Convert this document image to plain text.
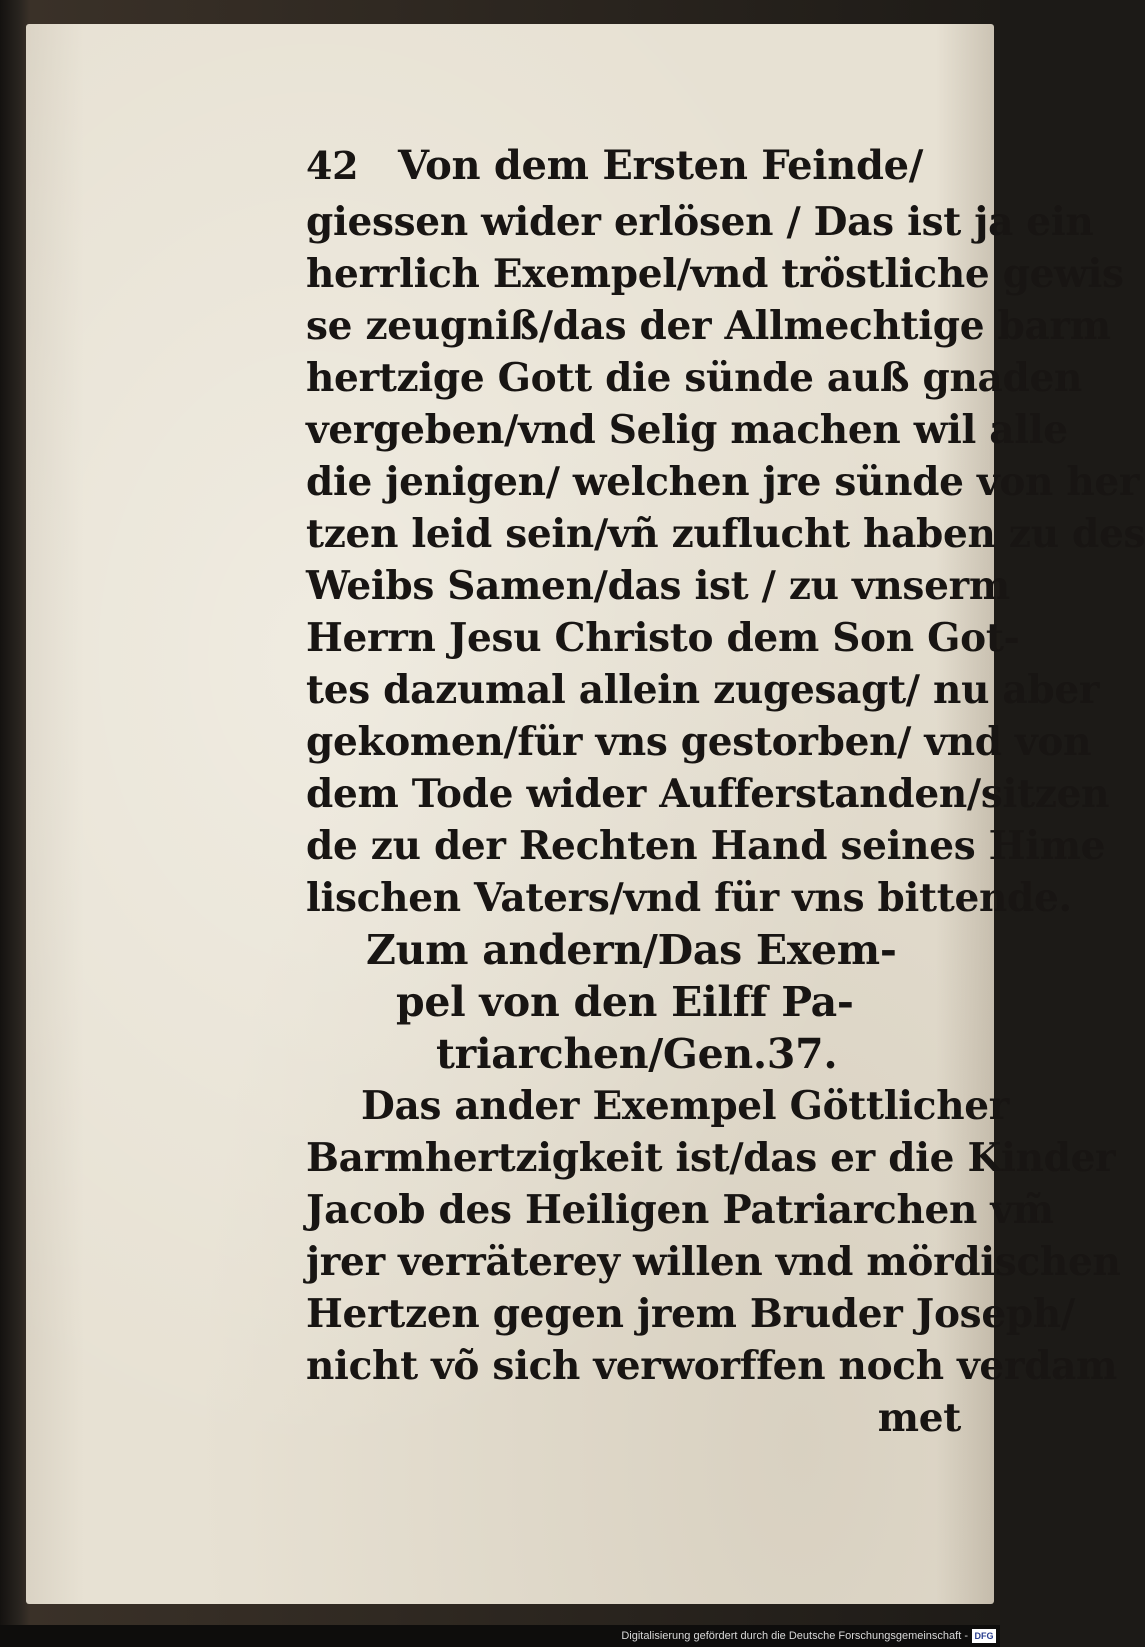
42 Von dem Ersten Feinde/
giessen wider erlösen / Das ist ja ein
herrlich Exempel/vnd tröstliche gewis
se zeugniß/das der Allmechtige barm
hertzige Gott die sünde auß gnaden
vergeben/vnd Selig machen wil alle
die jenigen/ welchen jre sünde von her
tzen leid sein/vñ zuflucht haben zu des
Weibs Samen/das ist / zu vnserm
Herrn Jesu Christo dem Son Got-
tes dazumal allein zugesagt/ nu aber
gekomen/für vns gestorben/ vnd von
dem Tode wider Aufferstanden/sitzen
de zu der Rechten Hand seines Hime
lischen Vaters/vnd für vns bittende.
Zum andern/Das Exem-
pel von den Eilff Pa-
triarchen/Gen.37.
Das ander Exempel Göttlicher
Barmhertzigkeit ist/das er die Kinder
Jacob des Heiligen Patriarchen vm̃
jrer verräterey willen vnd mördischen
Hertzen gegen jrem Bruder Joseph/
nicht võ sich verworffen noch verdam
met
Digitalisierung gefördert durch die Deutsche Forschungsgemeinschaft - DFG
